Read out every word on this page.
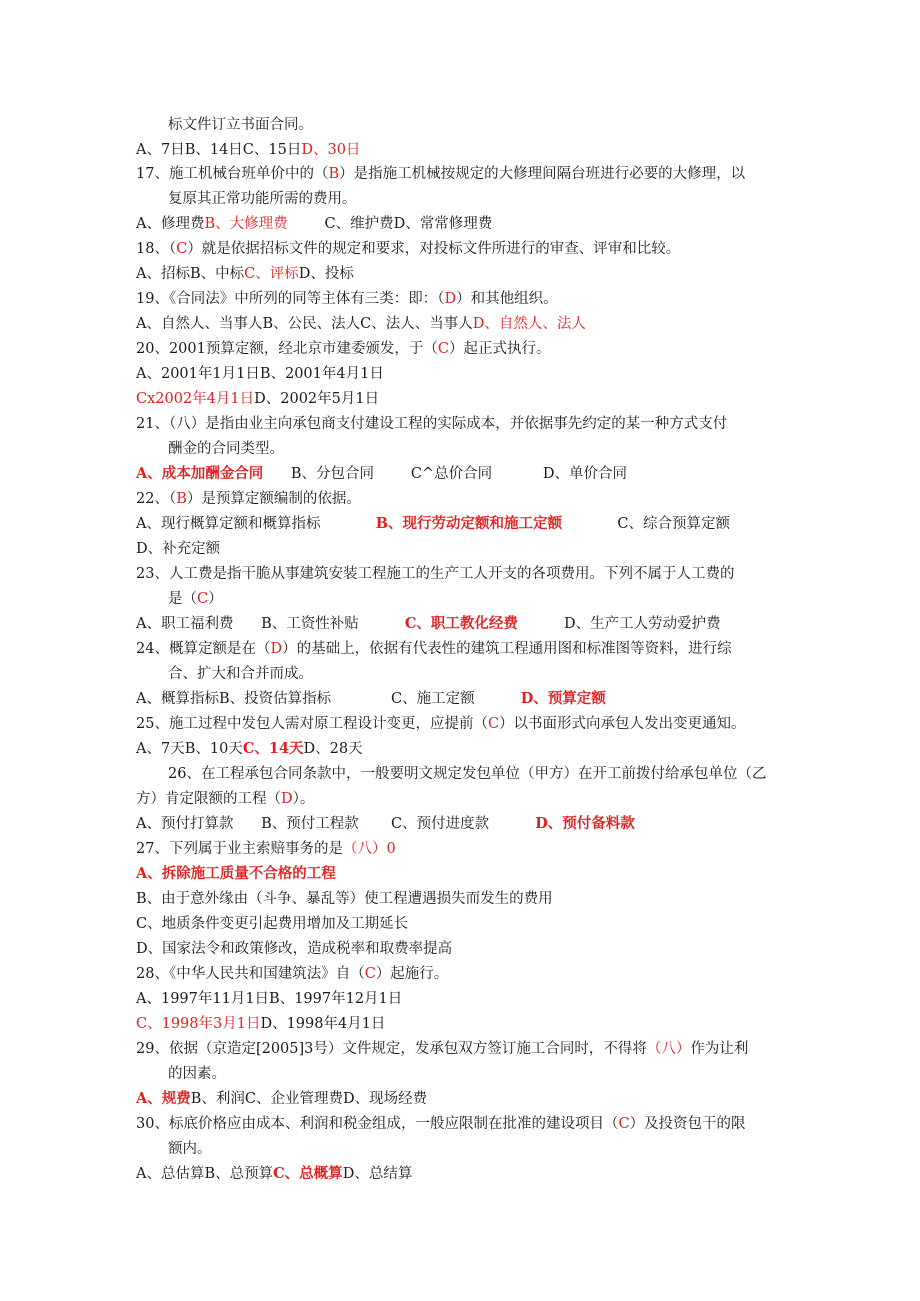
标文件订立书面合同。
A、7日B、14日C、15日D、30日
17、施工机械台班单价中的（B）是指施工机械按规定的大修理间隔台班进行必要的大修理，以
复原其正常功能所需的费用。
A、修理费B、大修理费        C、维护费D、常常修理费
18、（C）就是依据招标文件的规定和要求，对投标文件所进行的审查、评审和比较。
A、招标B、中标C、评标D、投标
19、《合同法》中所列的同等主体有三类：即：（D）和其他组织。
A、自然人、当事人B、公民、法人C、法人、当事人D、自然人、法人
20、2001预算定额，经北京市建委颁发，于（C）起正式执行。
A、2001年1月1日B、2001年4月1日
Cx2002年4月1日D、2002年5月1日
21、（八）是指由业主向承包商支付建设工程的实际成本，并依据事先约定的某一种方式支付
酬金的合同类型。
A、成本加酬金合同      B、分包合同        C^总价合同           D、单价合同
22、（B）是预算定额编制的依据。
A、现行概算定额和概算指标            B、现行劳动定额和施工定额            C、综合预算定额
D、补充定额
23、人工费是指干脆从事建筑安装工程施工的生产工人开支的各项费用。下列不属于人工费的
是（C）
A、职工福利费      B、工资性补贴          C、职工教化经费          D、生产工人劳动爱护费
24、概算定额是在（D）的基础上，依据有代表性的建筑工程通用图和标准图等资料，进行综
合、扩大和合并而成。
A、概算指标B、投资估算指标             C、施工定额          D、预算定额
25、施工过程中发包人需对原工程设计变更，应提前（C）以书面形式向承包人发出变更通知。
A、7天B、10天C、14天D、28天
26、在工程承包合同条款中，一般要明文规定发包单位（甲方）在开工前拨付给承包单位（乙
方）肯定限额的工程（D）。
A、预付打算款      B、预付工程款       C、预付进度款          D、预付备料款
27、下列属于业主索赔事务的是（八）0
A、拆除施工质量不合格的工程
B、由于意外缘由（斗争、暴乱等）使工程遭遇损失而发生的费用
C、地质条件变更引起费用增加及工期延长
D、国家法令和政策修改，造成税率和取费率提高
28、《中华人民共和国建筑法》自（C）起施行。
A、1997年11月1日B、1997年12月1日
C、1998年3月1日D、1998年4月1日
29、依据（京造定[2005]3号）文件规定，发承包双方签订施工合同时，不得将（八）作为让利
的因素。
A、规费B、利润C、企业管理费D、现场经费
30、标底价格应由成本、利润和税金组成，一般应限制在批准的建设项目（C）及投资包干的限
额内。
A、总估算B、总预算C、总概算D、总结算
